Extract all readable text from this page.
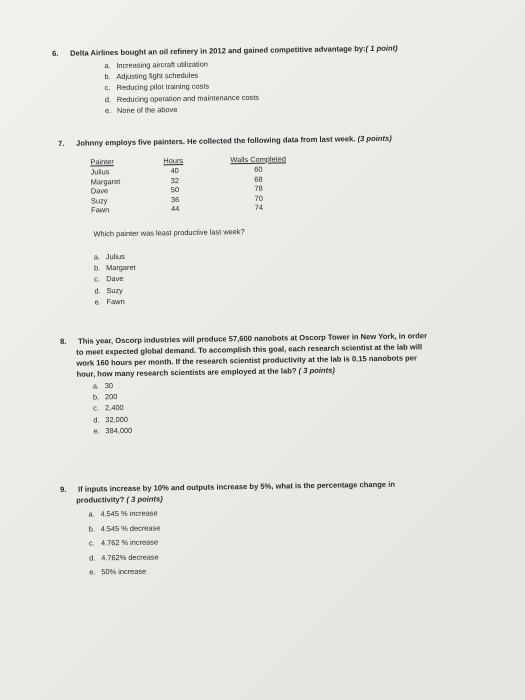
6. Delta Airlines bought an oil refinery in 2012 and gained competitive advantage by:( 1 point)
a. Increasing aircraft utilization
b. Adjusting fight schedules
c. Reducing pilot training costs
d. Reducing operation and maintenance costs
e. None of the above
7. Johnny employs five painters. He collected the following data from last week. (3 points)
Painter	Hours	Walls Completed
Julius	40	60
Margaret	32	68
Dave	50	78
Suzy	36	70
Fawn	44	74
Which painter was least productive last week?
a. Julius
b. Margaret
c. Dave
d. Suzy
e. Fawn
8. This year, Oscorp industries will produce 57,600 nanobots at Oscorp Tower in New York, in order
to meet expected global demand. To accomplish this goal, each research scientist at the lab will
work 160 hours per month. If the research scientist productivity at the lab is 0.15 nanobots per
hour, how many research scientists are employed at the lab? ( 3 points)
a. 30
b. 200
c. 2,400
d. 32,000
e. 384,000
9. If inputs increase by 10% and outputs increase by 5%, what is the percentage change in
productivity? ( 3 points)
a. 4.545 % increase
b. 4.545 % decrease
c. 4.762 % increase
d. 4.762% decrease
e. 50% increase
